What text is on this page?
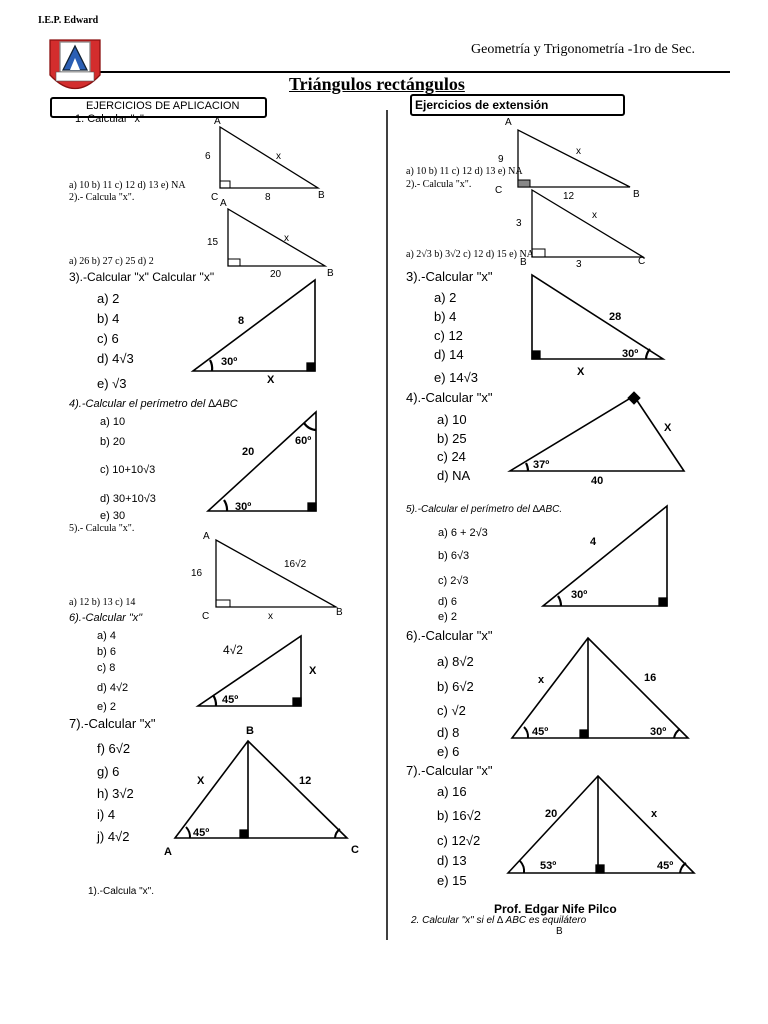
I.E.P. Edward
EDWARD
Geometría y Trigonometría -1ro de Sec.
Triángulos rectángulos
EJERCICIOS DE APLICACION
1. Calcular "x"	A
6	x
C	8	B
a) 10 b) 11 c) 12 d) 13 e) NA
2).- Calcula "x".
A
15	x
a) 26 b) 27 c) 25 d) 2
20	B
3).-Calcular "x" Calcular "x"
a) 2
b) 4
c) 6
d) 4√3
e) √3
8
30º
X
4).-Calcular el perímetro del ∆ABC
a) 10
b) 20
c) 10+10√3
d) 30+10√3
e) 30
20
60º
30º
5).- Calcula "x".
A
16
16√2
a) 12 b) 13 c) 14
C	x	B
6).-Calcular "x"
a) 4
b) 6
c) 8
d) 4√2
e) 2
4√2
X
45º
7).-Calcular "x"
f) 6√2
g) 6
h) 3√2
i) 4
j) 4√2
B
X	12
45º
A	C
1).-Calcula "x".
Ejercicios de extensión
A
9
x
a) 10 b) 11 c) 12 d) 13 e) NA
2).- Calcula "x".
C
12	B
3
x
a) 2√3 b) 3√2 c) 12 d) 15 e) NA
B	3	C
3).-Calcular "x"
a) 2
b) 4
c) 12
d) 14
e) 14√3
28
30º
X
4).-Calcular "x"
a) 10
b) 25
c) 24
d) NA
X
37º
40
5).-Calcular el perímetro del ∆ABC.
a) 6 + 2√3
b) 6√3
c) 2√3
d) 6
e) 2
4
30º
6).-Calcular "x"
a) 8√2
b) 6√2
c) √2
d) 8
e) 6
x	16
45º	30º
7).-Calcular "x"
a) 16
b) 16√2
c) 12√2
d) 13
e) 15
20	x
53º	45º
Prof. Edgar Nife Pilco
2. Calcular "x" si el ∆ ABC es equilátero
B
